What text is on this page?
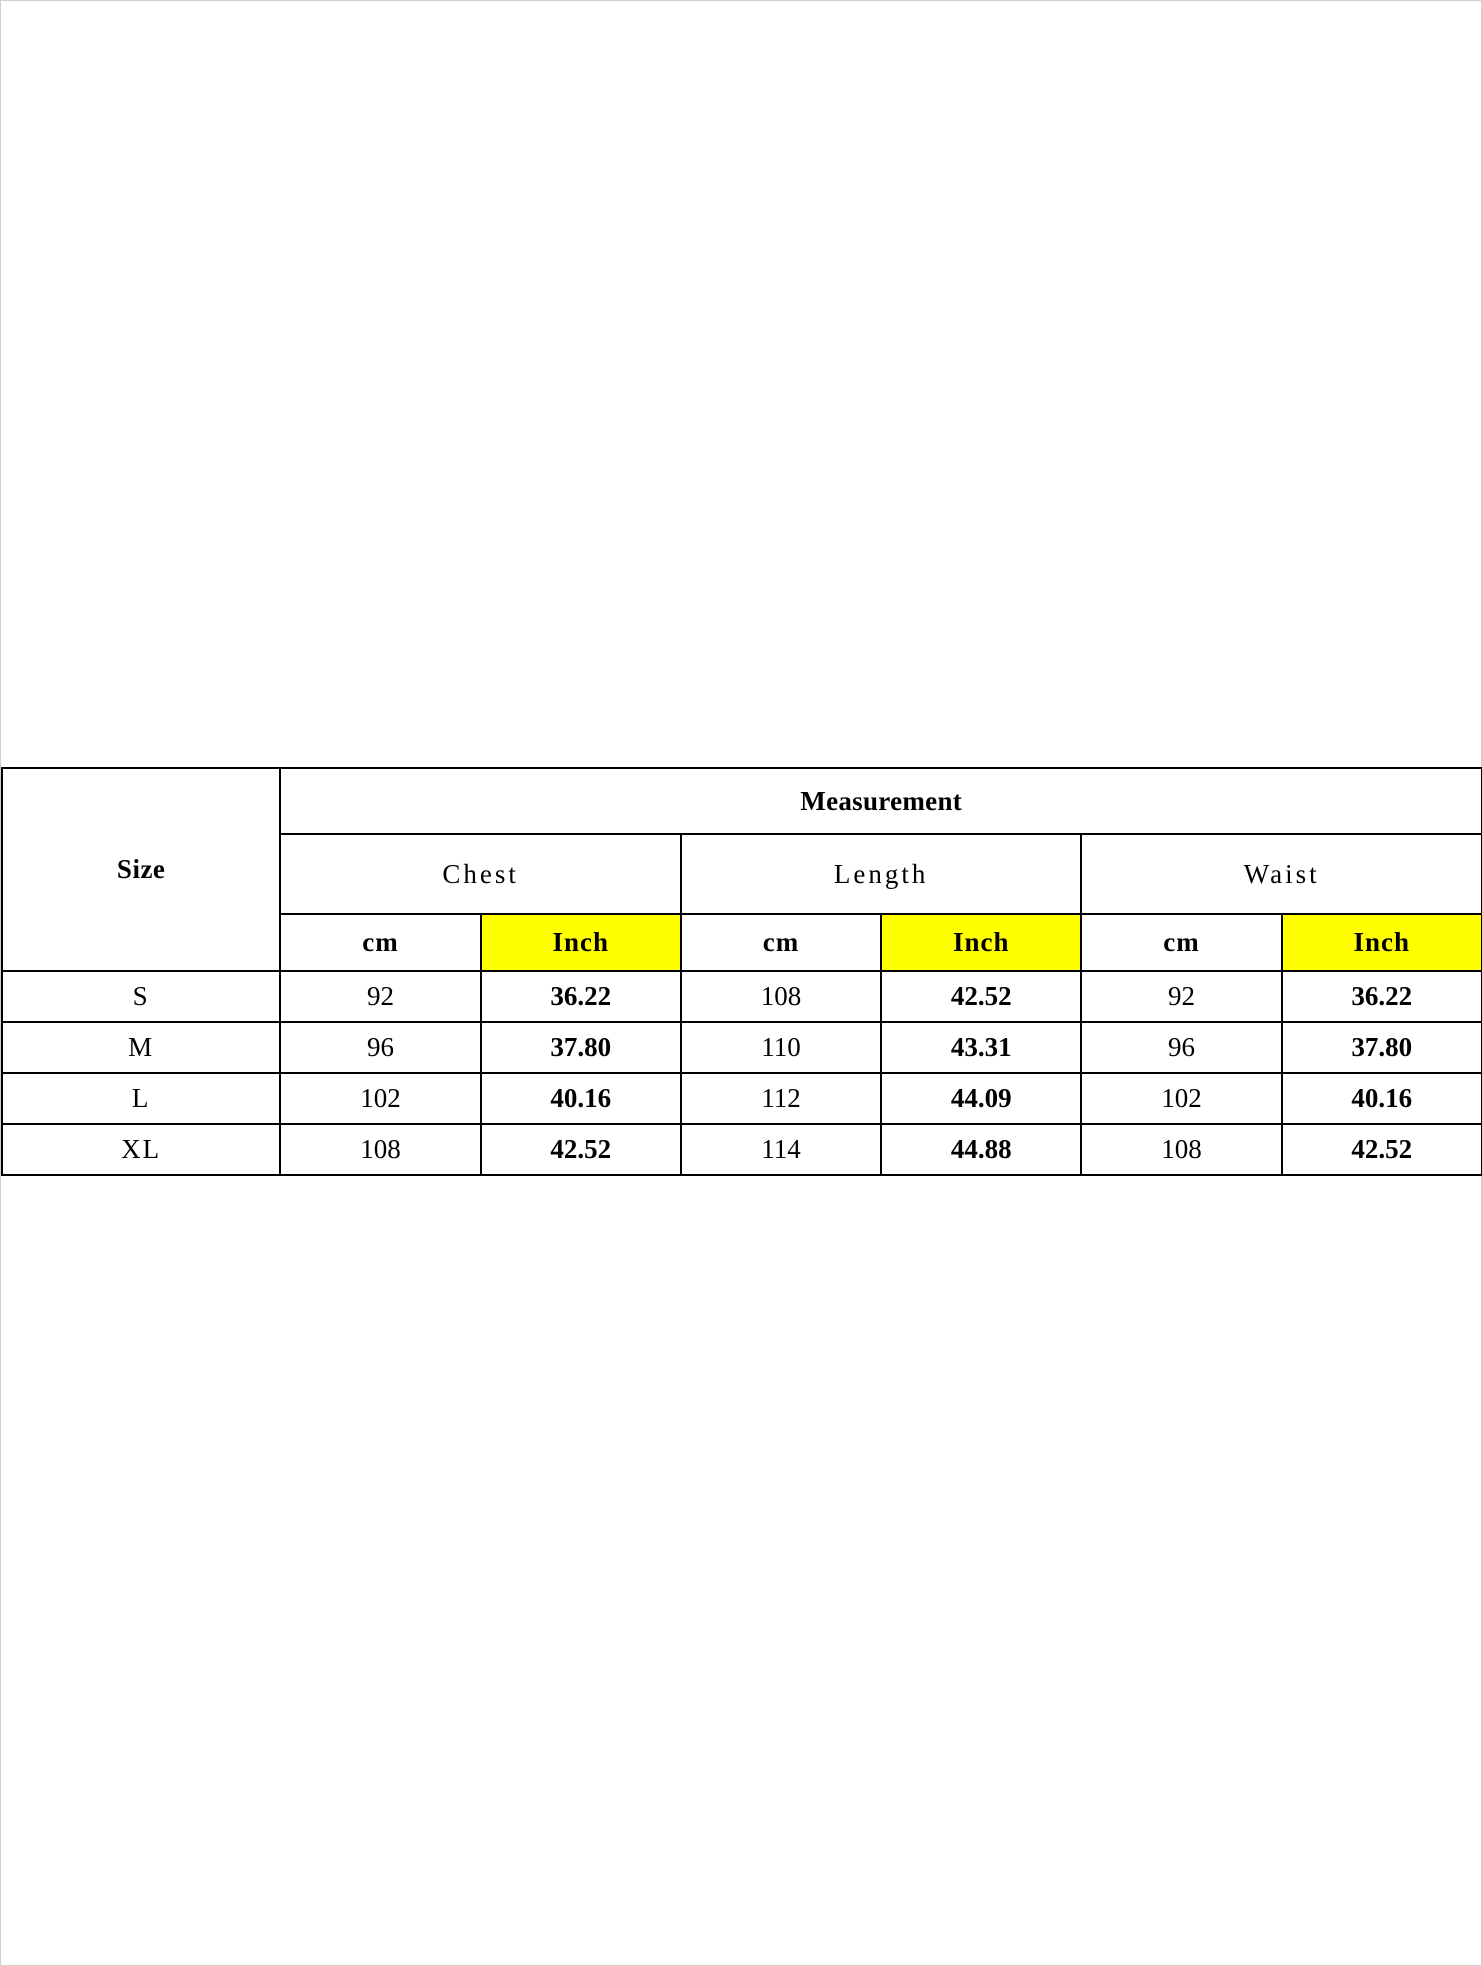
Size	Measurement					
	Chest		Length		Waist	
	cm	Inch	cm	Inch	cm	Inch
S	92	36.22	108	42.52	92	36.22
M	96	37.80	110	43.31	96	37.80
L	102	40.16	112	44.09	102	40.16
XL	108	42.52	114	44.88	108	42.52
